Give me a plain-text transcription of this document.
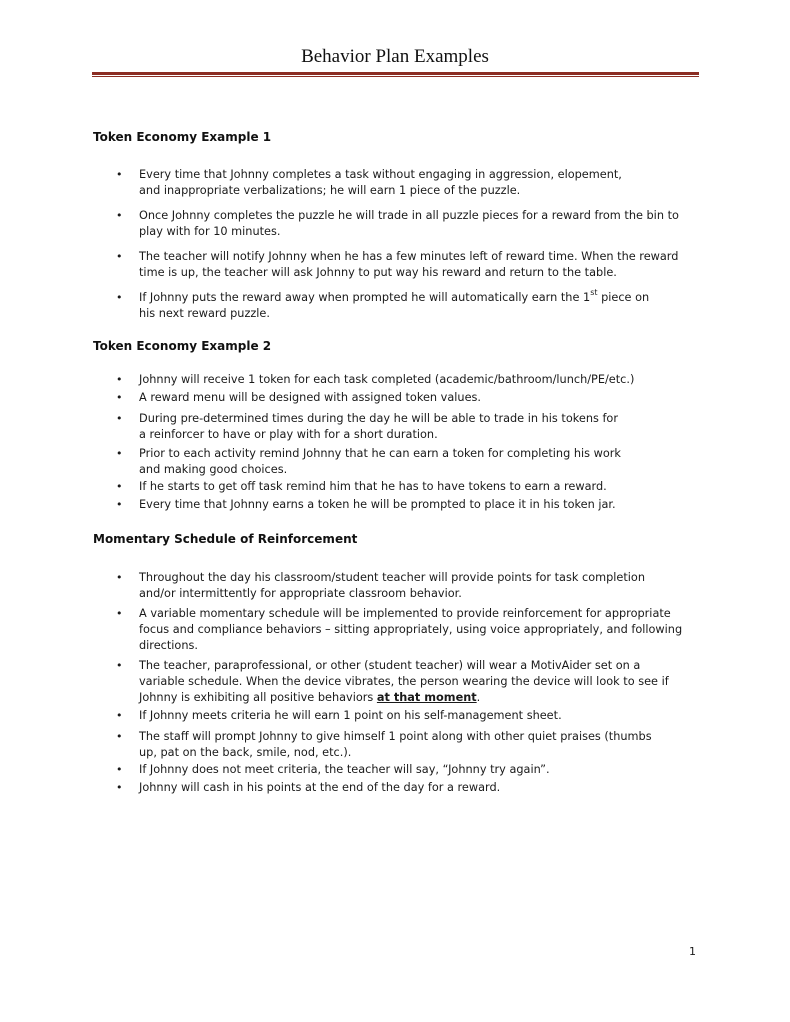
Behavior Plan Examples
Token Economy Example 1
• Every time that Johnny completes a task without engaging in aggression, elopement,
and inappropriate verbalizations; he will earn 1 piece of the puzzle.
• Once Johnny completes the puzzle he will trade in all puzzle pieces for a reward from the bin to
play with for 10 minutes.
• The teacher will notify Johnny when he has a few minutes left of reward time. When the reward
time is up, the teacher will ask Johnny to put way his reward and return to the table.
• If Johnny puts the reward away when prompted he will automatically earn the 1st piece on
his next reward puzzle.
Token Economy Example 2
• Johnny will receive 1 token for each task completed (academic/bathroom/lunch/PE/etc.)
• A reward menu will be designed with assigned token values.
• During pre-determined times during the day he will be able to trade in his tokens for
a reinforcer to have or play with for a short duration.
• Prior to each activity remind Johnny that he can earn a token for completing his work
and making good choices.
• If he starts to get off task remind him that he has to have tokens to earn a reward.
• Every time that Johnny earns a token he will be prompted to place it in his token jar.
Momentary Schedule of Reinforcement
• Throughout the day his classroom/student teacher will provide points for task completion
and/or intermittently for appropriate classroom behavior.
• A variable momentary schedule will be implemented to provide reinforcement for appropriate
focus and compliance behaviors – sitting appropriately, using voice appropriately, and following
directions.
• The teacher, paraprofessional, or other (student teacher) will wear a MotivAider set on a
variable schedule. When the device vibrates, the person wearing the device will look to see if
Johnny is exhibiting all positive behaviors at that moment.
• If Johnny meets criteria he will earn 1 point on his self-management sheet.
• The staff will prompt Johnny to give himself 1 point along with other quiet praises (thumbs
up, pat on the back, smile, nod, etc.).
• If Johnny does not meet criteria, the teacher will say, “Johnny try again”.
• Johnny will cash in his points at the end of the day for a reward.
1
